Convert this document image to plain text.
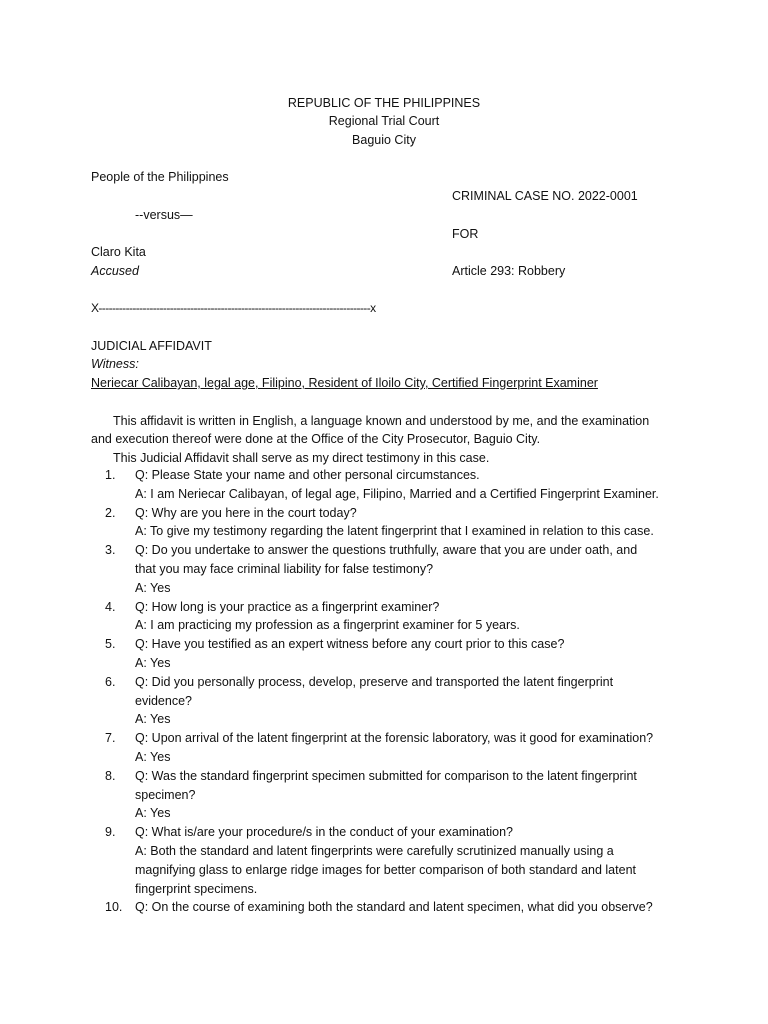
REPUBLIC OF THE PHILIPPINES
Regional Trial Court
Baguio City
People of the Philippines
CRIMINAL CASE NO. 2022-0001
--versus—
FOR
Claro Kita
Accused	Article 293: Robbery
X--------------------------------------------------------------------------------x
JUDICIAL AFFIDAVIT
Witness:
Neriecar Calibayan, legal age, Filipino, Resident of Iloilo City, Certified Fingerprint Examiner
This affidavit is written in English, a language known and understood by me, and the examination
and execution thereof were done at the Office of the City Prosecutor, Baguio City.
This Judicial Affidavit shall serve as my direct testimony in this case.
1.	Q: Please State your name and other personal circumstances.
A: I am Neriecar Calibayan, of legal age, Filipino, Married and a Certified Fingerprint Examiner.
2.	Q: Why are you here in the court today?
A: To give my testimony regarding the latent fingerprint that I examined in relation to this case.
3.	Q: Do you undertake to answer the questions truthfully, aware that you are under oath, and
that you may face criminal liability for false testimony?
A: Yes
4.	Q: How long is your practice as a fingerprint examiner?
A: I am practicing my profession as a fingerprint examiner for 5 years.
5.	Q: Have you testified as an expert witness before any court prior to this case?
A: Yes
6.	Q: Did you personally process, develop, preserve and transported the latent fingerprint
evidence?
A: Yes
7.	Q: Upon arrival of the latent fingerprint at the forensic laboratory, was it good for examination?
A: Yes
8.	Q: Was the standard fingerprint specimen submitted for comparison to the latent fingerprint
specimen?
A: Yes
9.	Q: What is/are your procedure/s in the conduct of your examination?
A: Both the standard and latent fingerprints were carefully scrutinized manually using a
magnifying glass to enlarge ridge images for better comparison of both standard and latent
fingerprint specimens.
10.	Q: On the course of examining both the standard and latent specimen, what did you observe?
